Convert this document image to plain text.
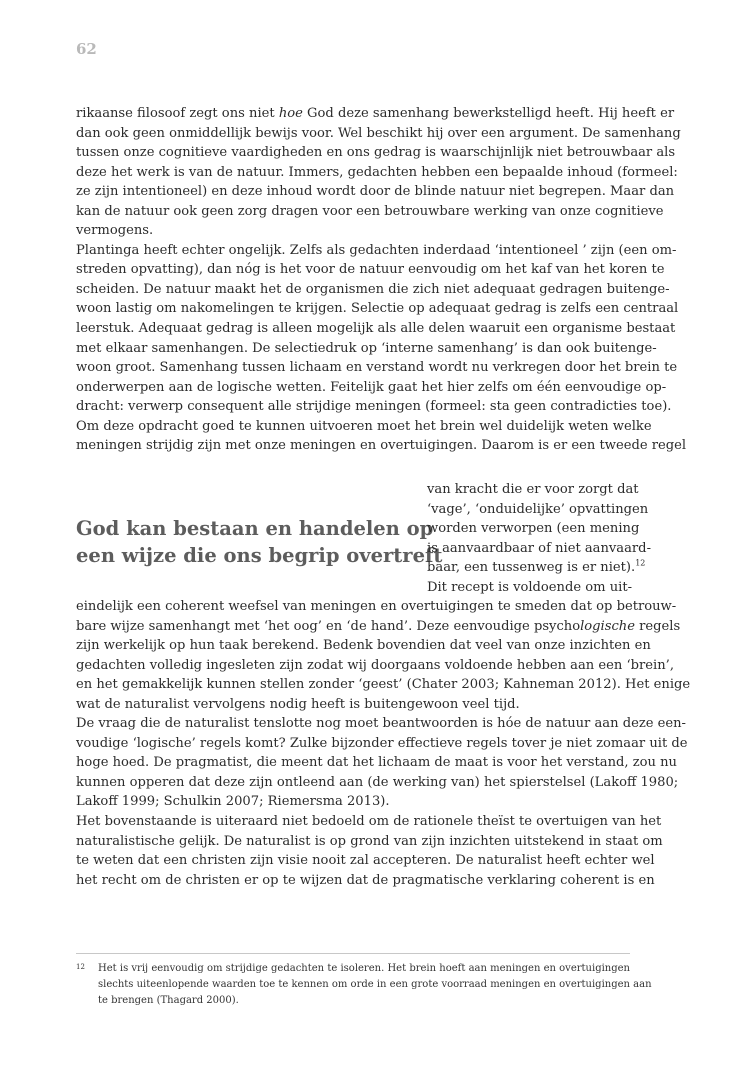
62
rikaanse filosoof zegt ons niet hoe God deze samenhang bewerkstelligd heeft. Hij heeft er
dan ook geen onmiddellijk bewijs voor. Wel beschikt hij over een argument. De samenhang
tussen onze cognitieve vaardigheden en ons gedrag is waarschijnlijk niet betrouwbaar als
deze het werk is van de natuur. Immers, gedachten hebben een bepaalde inhoud (formeel:
ze zijn intentioneel) en deze inhoud wordt door de blinde natuur niet begrepen. Maar dan
kan de natuur ook geen zorg dragen voor een betrouwbare werking van onze cognitieve
vermogens.
Plantinga heeft echter ongelijk. Zelfs als gedachten inderdaad ‘intentioneel ’ zijn (een om-
streden opvatting), dan nóg is het voor de natuur eenvoudig om het kaf van het koren te
scheiden. De natuur maakt het de organismen die zich niet adequaat gedragen buitenge-
woon lastig om nakomelingen te krijgen. Selectie op adequaat gedrag is zelfs een centraal
leerstuk. Adequaat gedrag is alleen mogelijk als alle delen waaruit een organisme bestaat
met elkaar samenhangen. De selectiedruk op ‘interne samenhang’ is dan ook buitenge-
woon groot. Samenhang tussen lichaam en verstand wordt nu verkregen door het brein te
onderwerpen aan de logische wetten. Feitelijk gaat het hier zelfs om één eenvoudige op-
dracht: verwerp consequent alle strijdige meningen (formeel: sta geen contradicties toe).
Om deze opdracht goed te kunnen uitvoeren moet het brein wel duidelijk weten welke
meningen strijdig zijn met onze meningen en overtuigingen. Daarom is er een tweede regel
God kan bestaan en handelen op
een wijze die ons begrip overtreft
van kracht die er voor zorgt dat
‘vage’, ‘onduidelijke’ opvattingen
worden verworpen (een mening
is aanvaardbaar of niet aanvaard-
baar, een tussenweg is er niet).$^{12}$
Dit recept is voldoende om uit-
eindelijk een coherent weefsel van meningen en overtuigingen te smeden dat op betrouw-
bare wijze samenhangt met ‘het oog’ en ‘de hand’. Deze eenvoudige psychologische regels
zijn werkelijk op hun taak berekend. Bedenk bovendien dat veel van onze inzichten en
gedachten volledig ingesleten zijn zodat wij doorgaans voldoende hebben aan een ‘brein’,
en het gemakkelijk kunnen stellen zonder ‘geest’ (Chater 2003; Kahneman 2012). Het enige
wat de naturalist vervolgens nodig heeft is buitengewoon veel tijd.
De vraag die de naturalist tenslotte nog moet beantwoorden is hóe de natuur aan deze een-
voudige ‘logische’ regels komt? Zulke bijzonder effectieve regels tover je niet zomaar uit de
hoge hoed. De pragmatist, die meent dat het lichaam de maat is voor het verstand, zou nu
kunnen opperen dat deze zijn ontleend aan (de werking van) het spierstelsel (Lakoff 1980;
Lakoff 1999; Schulkin 2007; Riemersma 2013).
Het bovenstaande is uiteraard niet bedoeld om de rationele theïst te overtuigen van het
naturalistische gelijk. De naturalist is op grond van zijn inzichten uitstekend in staat om
te weten dat een christen zijn visie nooit zal accepteren. De naturalist heeft echter wel
het recht om de christen er op te wijzen dat de pragmatische verklaring coherent is en
12 Het is vrij eenvoudig om strijdige gedachten te isoleren. Het brein hoeft aan meningen en overtuigingen
slechts uiteenlopende waarden toe te kennen om orde in een grote voorraad meningen en overtuigingen aan
te brengen (Thagard 2000).
